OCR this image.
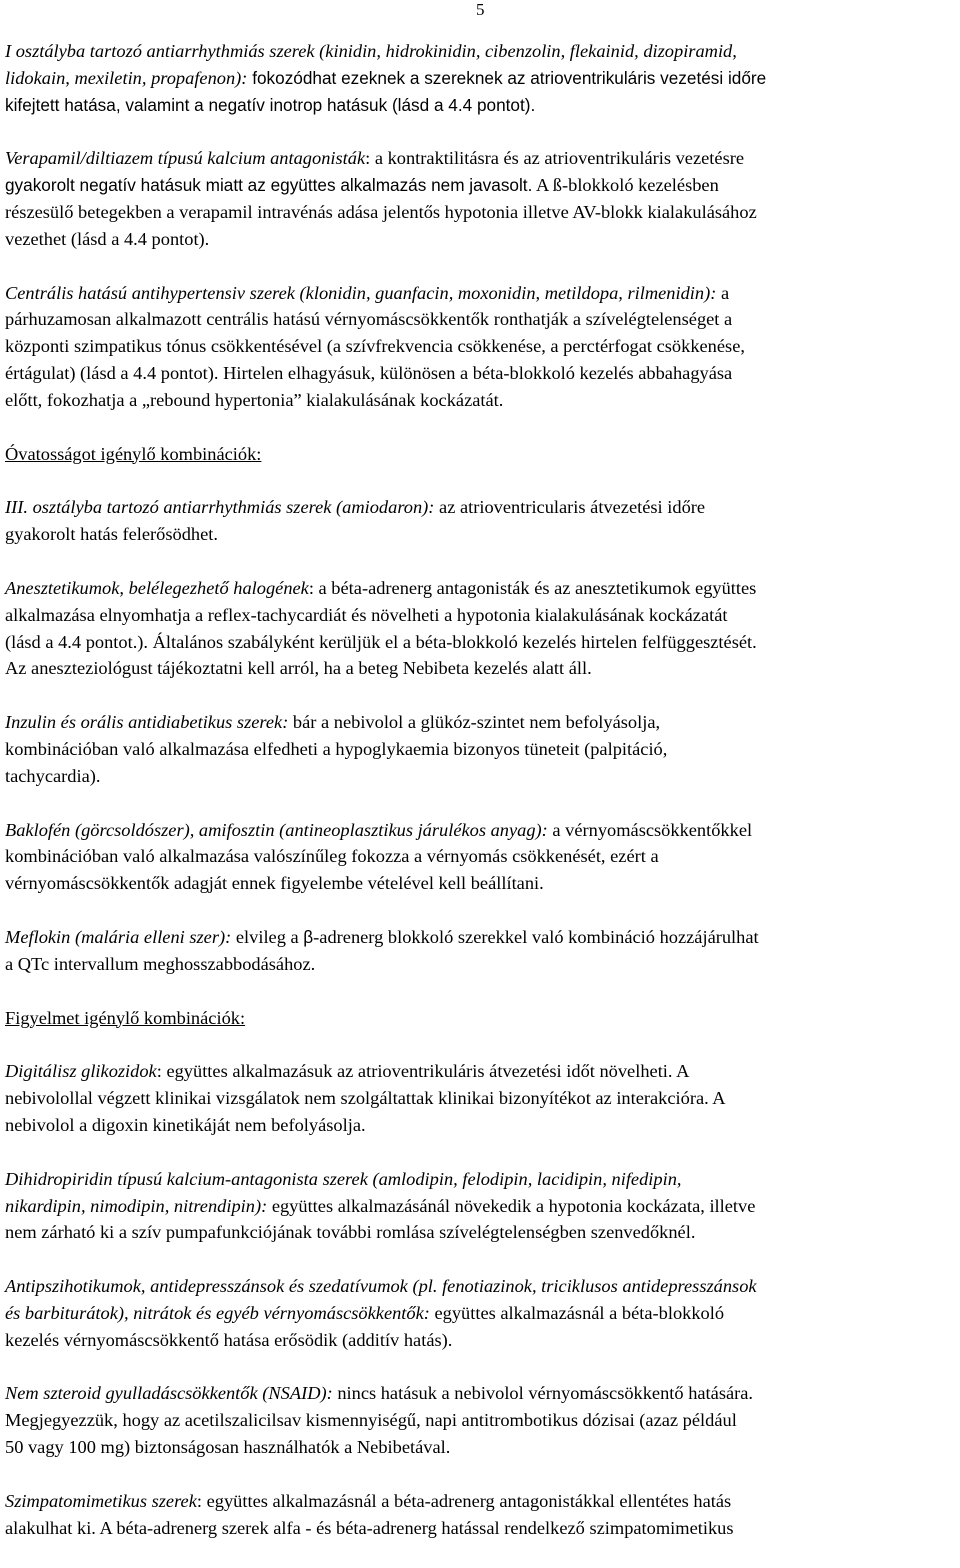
5
I osztályba tartozó antiarrhythmiás szerek (kinidin, hidrokinidin, cibenzolin, flekainid, dizopiramid,
lidokain, mexiletin, propafenon): fokozódhat ezeknek a szereknek az atrioventrikuláris vezetési időre
kifejtett hatása, valamint a negatív inotrop hatásuk (lásd a 4.4 pontot).
Verapamil/diltiazem típusú kalcium antagonisták: a kontraktilitásra és az atrioventrikuláris vezetésre
gyakorolt negatív hatásuk miatt az együttes alkalmazás nem javasolt. A ß-blokkoló kezelésben
részesülő betegekben a verapamil intravénás adása jelentős hypotonia illetve AV-blokk kialakulásához
vezethet (lásd a 4.4 pontot).
Centrális hatású antihypertensiv szerek (klonidin, guanfacin, moxonidin, metildopa, rilmenidin): a
párhuzamosan alkalmazott centrális hatású vérnyomáscsökkentők ronthatják a szívelégtelenséget a
központi szimpatikus tónus csökkentésével (a szívfrekvencia csökkenése, a perctérfogat csökkenése,
értágulat) (lásd a 4.4 pontot). Hirtelen elhagyásuk, különösen a béta-blokkoló kezelés abbahagyása
előtt, fokozhatja a „rebound hypertonia” kialakulásának kockázatát.
Óvatosságot igénylő kombinációk:
III. osztályba tartozó antiarrhythmiás szerek (amiodaron): az atrioventricularis átvezetési időre
gyakorolt hatás felerősödhet.
Anesztetikumok, belélegezhető halogének: a béta-adrenerg antagonisták és az anesztetikumok együttes
alkalmazása elnyomhatja a reflex-tachycardiát és növelheti a hypotonia kialakulásának kockázatát
(lásd a 4.4 pontot.). Általános szabályként kerüljük el a béta-blokkoló kezelés hirtelen felfüggesztését.
Az aneszteziológust tájékoztatni kell arról, ha a beteg Nebibeta kezelés alatt áll.
Inzulin és orális antidiabetikus szerek: bár a nebivolol a glükóz-szintet nem befolyásolja,
kombinációban való alkalmazása elfedheti a hypoglykaemia bizonyos tüneteit (palpitáció,
tachycardia).
Baklofén (görcsoldószer), amifosztin (antineoplasztikus járulékos anyag): a vérnyomáscsökkentőkkel
kombinációban való alkalmazása valószínűleg fokozza a vérnyomás csökkenését, ezért a
vérnyomáscsökkentők adagját ennek figyelembe vételével kell beállítani.
Meflokin (malária elleni szer): elvileg a β-adrenerg blokkoló szerekkel való kombináció hozzájárulhat
a QTc intervallum meghosszabbodásához.
Figyelmet igénylő kombinációk:
Digitálisz glikozidok: együttes alkalmazásuk az atrioventrikuláris átvezetési időt növelheti. A
nebivolollal végzett klinikai vizsgálatok nem szolgáltattak klinikai bizonyítékot az interakcióra. A
nebivolol a digoxin kinetikáját nem befolyásolja.
Dihidropiridin típusú kalcium-antagonista szerek (amlodipin, felodipin, lacidipin, nifedipin,
nikardipin, nimodipin, nitrendipin): együttes alkalmazásánál növekedik a hypotonia kockázata, illetve
nem zárható ki a szív pumpafunkciójának további romlása szívelégtelenségben szenvedőknél.
Antipszihotikumok, antidepresszánsok és szedatívumok (pl. fenotiazinok, triciklusos antidepresszánsok
és barbiturátok), nitrátok és egyéb vérnyomáscsökkentők: együttes alkalmazásnál a béta-blokkoló
kezelés vérnyomáscsökkentő hatása erősödik (additív hatás).
Nem szteroid gyulladáscsökkentők (NSAID): nincs hatásuk a nebivolol vérnyomáscsökkentő hatására.
Megjegyezzük, hogy az acetilszalicilsav kismennyiségű, napi antitrombotikus dózisai (azaz például
50 vagy 100 mg) biztonságosan használhatók a Nebibetával.
Szimpatomimetikus szerek: együttes alkalmazásnál a béta-adrenerg antagonistákkal ellentétes hatás
alakulhat ki. A béta-adrenerg szerek alfa - és béta-adrenerg hatással rendelkező szimpatomimetikus
